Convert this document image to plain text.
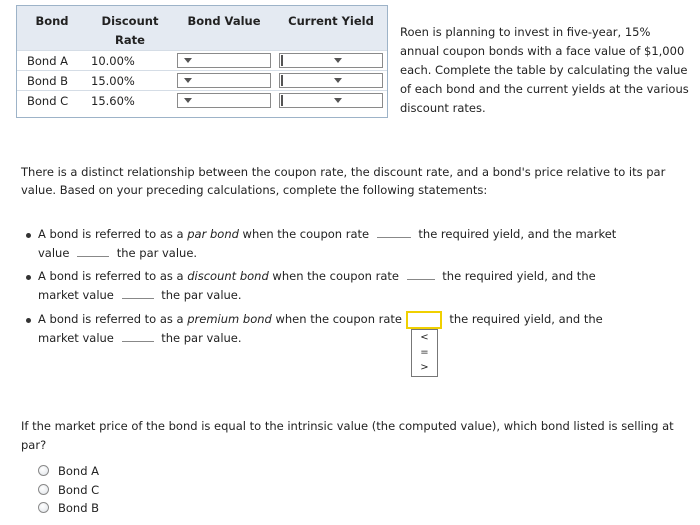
Bond	Discount Rate	Bond Value	Current Yield
Bond A	10.00%	

Bond B	15.00%	

Bond C	15.60%	

Roen is planning to invest in five-year, 15% annual coupon bonds with a face value of $1,000 each. Complete the table by calculating the value of each bond and the current yields at the various discount rates.
There is a distinct relationship between the coupon rate, the discount rate, and a bond's price relative to its par value. Based on your preceding calculations, complete the following statements:
A bond is referred to as a par bond when the coupon rate	the required yield, and the market
value	the par value.
A bond is referred to as a discount bond when the coupon rate	the required yield, and the
market value	the par value.
A bond is referred to as a premium bond when the coupon rate	the required yield, and the
market value	the par value.	<
=
>
If the market price of the bond is equal to the intrinsic value (the computed value), which bond listed is selling at par?
Bond A
Bond C
Bond B
